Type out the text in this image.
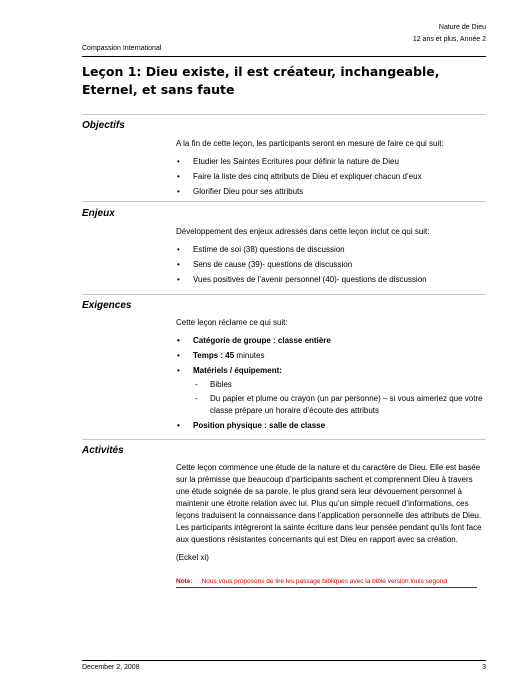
Nature de Dieu
12 ans et plus, Année 2
Compassion International
Leçon 1: Dieu existe, il est créateur, inchangeable, Eternel, et sans faute
Objectifs

A la fin de cette leçon, les participants seront en mesure de faire ce qui suit:

• Etudier les Saintes Ecritures pour définir la nature de Dieu
• Faire la liste des cinq attributs de Dieu et expliquer chacun d’eux
• Glorifier Dieu pour ses attributs
Enjeux

Développement des enjeux adressés dans cette leçon inclut ce qui suit:

• Estime de soi (38) questions de discussion
• Sens de cause (39)- questions de discussion
• Vues positives de l’avenir personnel (40)- questions de discussion
Exigences

Cette leçon réclame ce qui suit:

• Catégorie de groupe : classe entière
• Temps : 45 minutes
• Matériels / équipement:
- Bibles
- Du papier et plume ou crayon (un par personne) – si vous aimeriez que votre classe prépare un horaire d’écoute des attributs
• Position physique : salle de classe
Activités

Cette leçon commence une étude de la nature et du caractère de Dieu. Elle est basée sur la prémisse que beaucoup d’participants sachent et comprennent Dieu à travers une étude soignée de sa parole, le plus grand sera leur dévouement personnel à maintenir une étroite relation avec lui. Plus qu’un simple recueil d’informations, ces leçons traduisent la connaissance dans l’application personnelle des attributs de Dieu. Les participants intègreront la sainte écriture dans leur pensée pendant qu’ils font face aux questions résistantes concernants qui est Dieu en rapport avec sa création.

(Eckel xi)

Note: Nous vous proposons de lire les passage bibliques avec la bible version louis segond
December 2, 2008	3
